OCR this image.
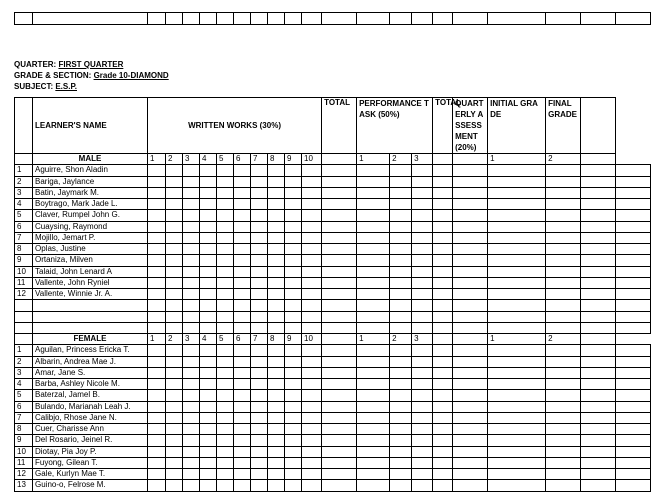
QUARTER: FIRST QUARTER
GRADE & SECTION: Grade 10-DIAMOND
SUBJECT: E.S.P.
	LEARNER'S NAME	WRITTEN WORKS (30%)										TOTAL	PERFORMANCE TASK (50%)			TOTAL	QUARTERLY ASSESSMENT
(20%)	INITIAL GRADE	FINAL GRADE		
	MALE	1	2	3	4	5	6	7	8	9	10		1	2	3			1	2		
1	Aguirre, Shon Aladin																				
2	Bariga, Jaylance																				
3	Batin, Jaymark M.																				
4	Boytrago, Mark Jade L.																				
5	Claver, Rumpel John G.																				
6	Cuaysing, Raymond																				
7	Mojillo, Jemart P.																				
8	Oplas, Justine																				
9	Ortaniza, Milven																				
10	Talaid, John Lenard A																				
11	Vallente, John Ryniel																				
12	Vallente, Winnie Jr. A.																				

	FEMALE	1	2	3	4	5	6	7	8	9	10		1	2	3			1	2		
1	Aguilan, Princess Ericka T.																				
2	Albarin, Andrea Mae J.																				
3	Amar, Jane S.																				
4	Barba, Ashley Nicole M.																				
5	Baterzal, Jamel B.																				
6	Bulando, Marianah Leah J.																				
7	Calibjo, Rhose Jane N.																				
8	Cuer, Charisse Ann																				
9	Del Rosario, Jeinel R.																				
10	Diotay, Pia Joy P.																				
11	Fuyong, Gilean T.																				
12	Gale, Kurlyn Mae T.																				
13	Guino-o, Felrose M.																				
